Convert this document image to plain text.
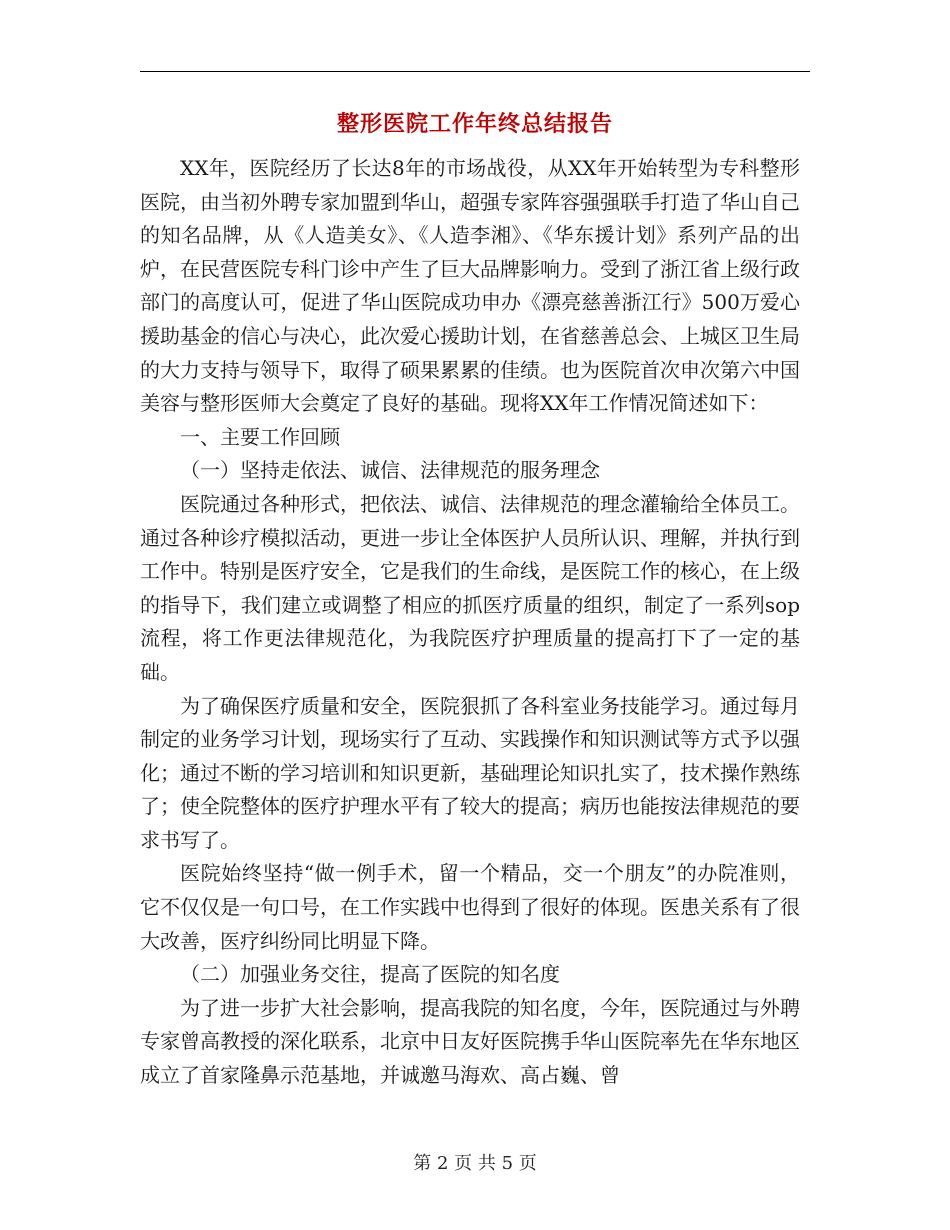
整形医院工作年终总结报告

XX年，医院经历了长达8年的市场战役，从XX年开始转型为专科整形医院，由当初外聘专家加盟到华山，超强专家阵容强强联手打造了华山自己的知名品牌，从《人造美女》、《人造李湘》、《华东援计划》系列产品的出炉，在民营医院专科门诊中产生了巨大品牌影响力。受到了浙江省上级行政部门的高度认可，促进了华山医院成功申办《漂亮慈善浙江行》500万爱心援助基金的信心与决心，此次爱心援助计划，在省慈善总会、上城区卫生局的大力支持与领导下，取得了硕果累累的佳绩。也为医院首次申次第六中国美容与整形医师大会奠定了良好的基础。现将XX年工作情况简述如下：

一、主要工作回顾

（一）坚持走依法、诚信、法律规范的服务理念

医院通过各种形式，把依法、诚信、法律规范的理念灌输给全体员工。通过各种诊疗模拟活动，更进一步让全体医护人员所认识、理解，并执行到工作中。特别是医疗安全，它是我们的生命线，是医院工作的核心，在上级的指导下，我们建立或调整了相应的抓医疗质量的组织，制定了一系列sop流程，将工作更法律规范化，为我院医疗护理质量的提高打下了一定的基础。

为了确保医疗质量和安全，医院狠抓了各科室业务技能学习。通过每月制定的业务学习计划，现场实行了互动、实践操作和知识测试等方式予以强化；通过不断的学习培训和知识更新，基础理论知识扎实了，技术操作熟练了；使全院整体的医疗护理水平有了较大的提高；病历也能按法律规范的要求书写了。

医院始终坚持“做一例手术，留一个精品，交一个朋友”的办院准则，它不仅仅是一句口号，在工作实践中也得到了很好的体现。医患关系有了很大改善，医疗纠纷同比明显下降。

（二）加强业务交往，提高了医院的知名度

为了进一步扩大社会影响，提高我院的知名度，今年，医院通过与外聘专家曾高教授的深化联系，北京中日友好医院携手华山医院率先在华东地区成立了首家隆鼻示范基地，并诚邀马海欢、高占巍、曾

第 2 页 共 5 页
